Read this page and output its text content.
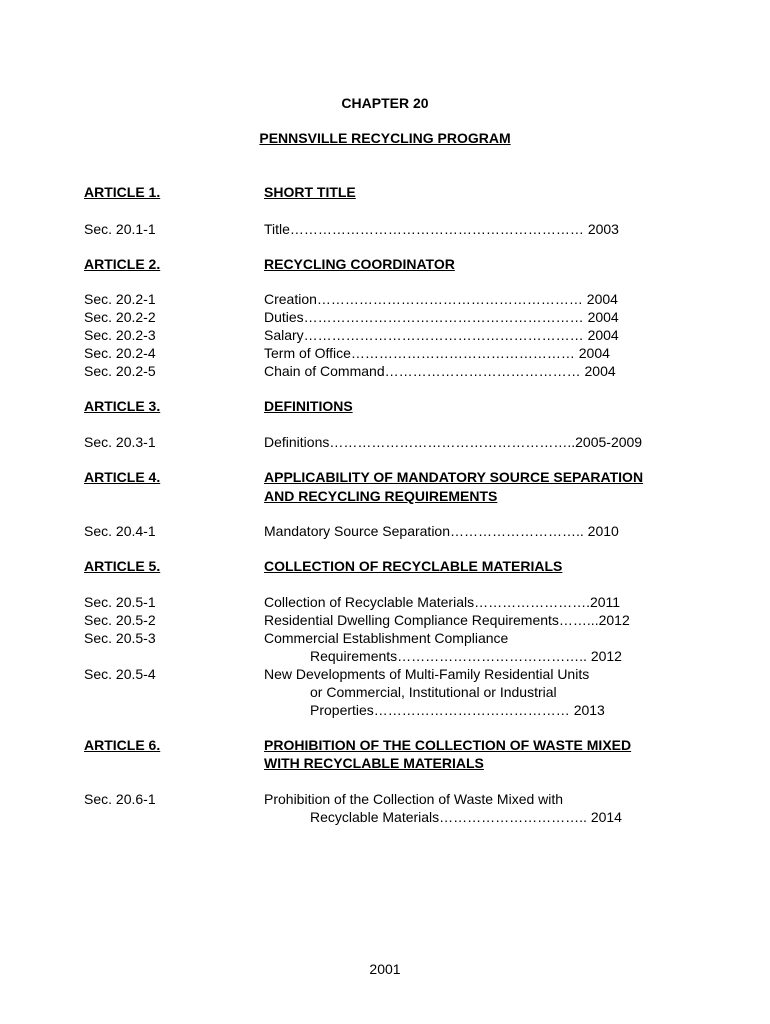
CHAPTER 20
PENNSVILLE RECYCLING PROGRAM
ARTICLE 1.	SHORT TITLE
Sec. 20.1-1	Title……………………………………………………… 2003
ARTICLE 2.	RECYCLING COORDINATOR
Sec. 20.2-1	Creation………………………………………………… 2004
Sec. 20.2-2	Duties…………………………………………………… 2004
Sec. 20.2-3	Salary…………………………………………………… 2004
Sec. 20.2-4	Term of Office………………………………………… 2004
Sec. 20.2-5	Chain of Command…………………………………… 2004
ARTICLE 3.	DEFINITIONS
Sec. 20.3-1	Definitions……………………………………………..2005-2009
ARTICLE 4.	APPLICABILITY OF MANDATORY SOURCE SEPARATION
AND RECYCLING REQUIREMENTS
Sec. 20.4-1	Mandatory Source Separation……………………….. 2010
ARTICLE 5.	COLLECTION OF RECYCLABLE MATERIALS
Sec. 20.5-1	Collection of Recyclable Materials…………………….2011
Sec. 20.5-2	Residential Dwelling Compliance Requirements……...2012
Sec. 20.5-3	Commercial Establishment Compliance
Requirements………………………………….. 2012
Sec. 20.5-4	New Developments of Multi-Family Residential Units
or Commercial, Institutional or Industrial
Properties…………………………………… 2013
ARTICLE 6.	PROHIBITION OF THE COLLECTION OF WASTE MIXED
WITH RECYCLABLE MATERIALS
Sec. 20.6-1	Prohibition of the Collection of Waste Mixed with
Recyclable Materials………………………….. 2014
2001
